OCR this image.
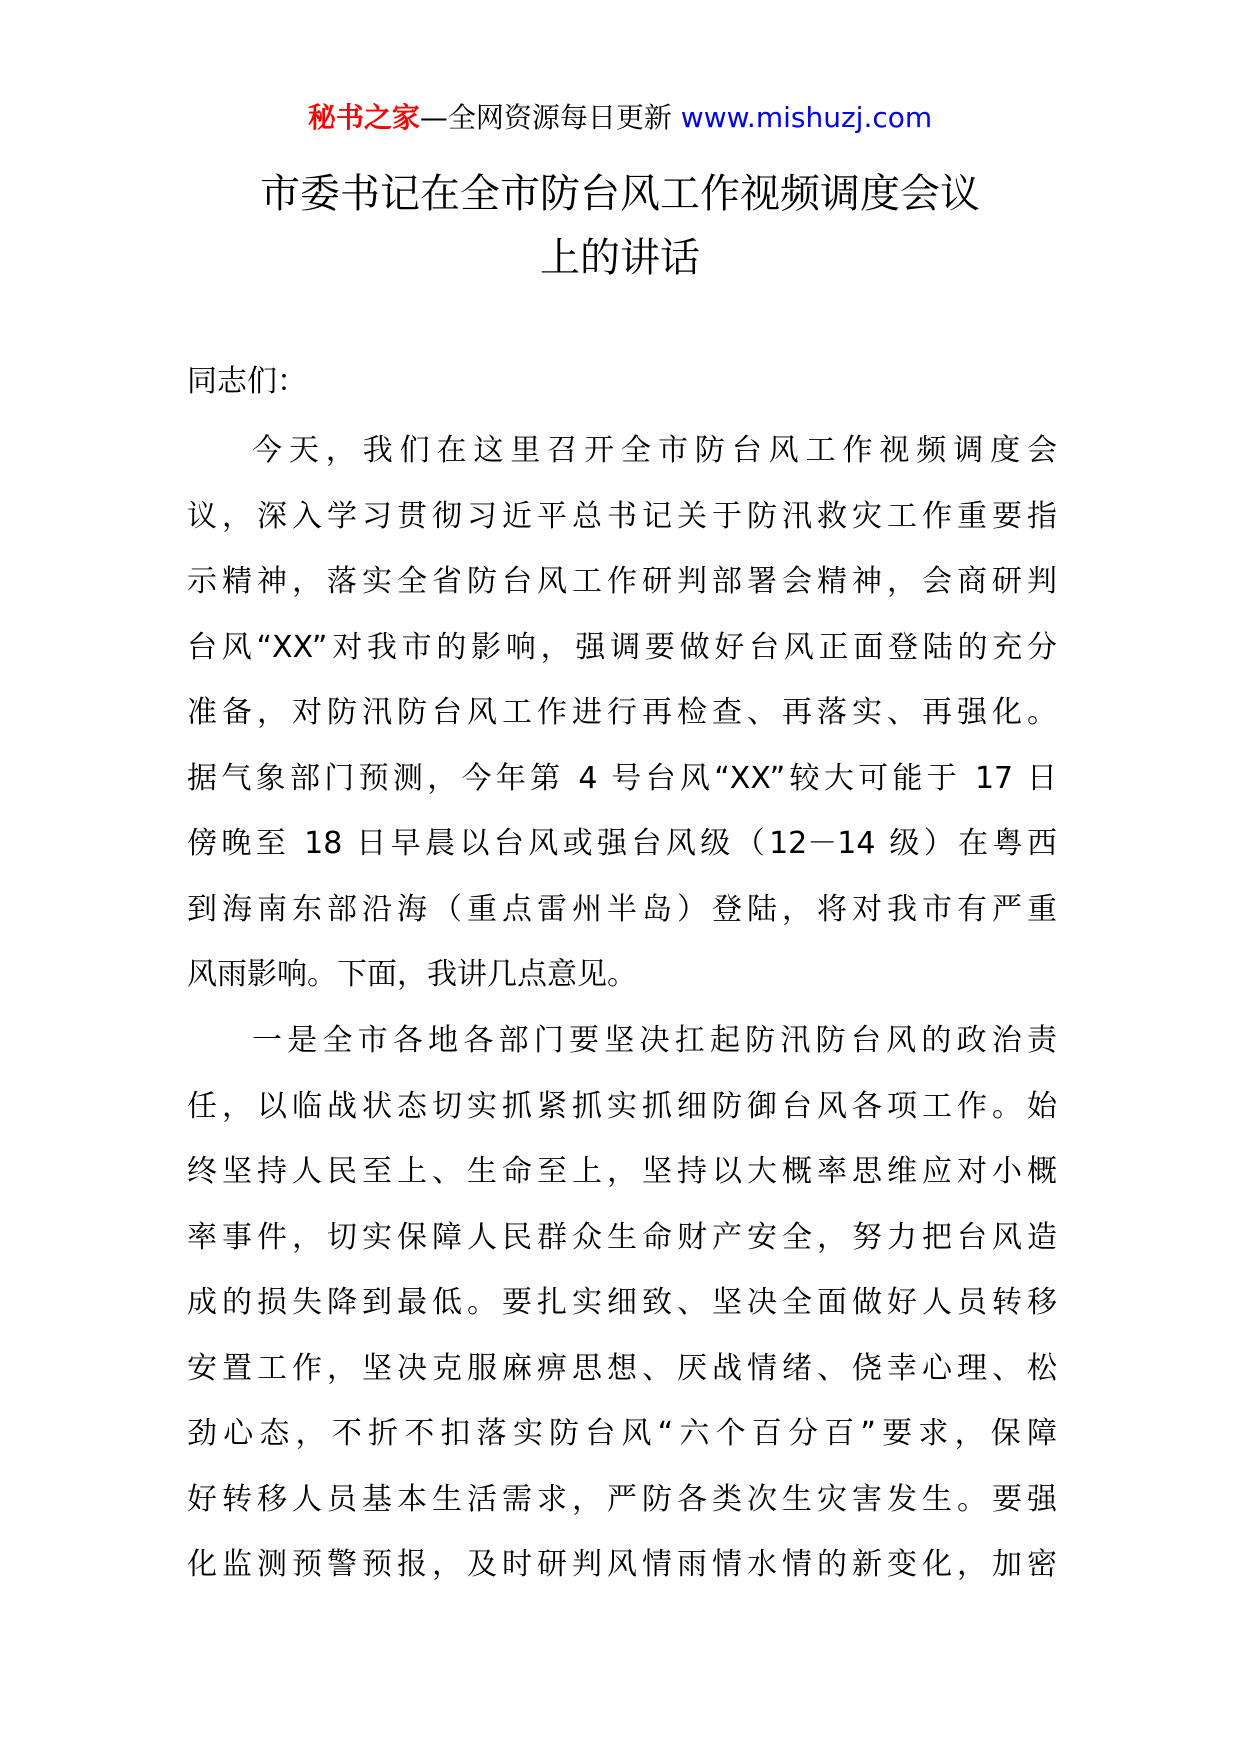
秘书之家—全网资源每日更新 www.mishuzj.com
市委书记在全市防台风工作视频调度会议
上的讲话
同志们：
今天，我们在这里召开全市防台风工作视频调度会
议，深入学习贯彻习近平总书记关于防汛救灾工作重要指
示精神，落实全省防台风工作研判部署会精神，会商研判
台风“XX”对我市的影响，强调要做好台风正面登陆的充分
准备，对防汛防台风工作进行再检查、再落实、再强化。
据气象部门预测，今年第 4 号台风“XX”较大可能于 17 日
傍晚至 18 日早晨以台风或强台风级（12－14 级）在粤西
到海南东部沿海（重点雷州半岛）登陆，将对我市有严重
风雨影响。下面，我讲几点意见。
一是全市各地各部门要坚决扛起防汛防台风的政治责
任，以临战状态切实抓紧抓实抓细防御台风各项工作。始
终坚持人民至上、生命至上，坚持以大概率思维应对小概
率事件，切实保障人民群众生命财产安全，努力把台风造
成的损失降到最低。要扎实细致、坚决全面做好人员转移
安置工作，坚决克服麻痹思想、厌战情绪、侥幸心理、松
劲心态，不折不扣落实防台风“六个百分百”要求，保障
好转移人员基本生活需求，严防各类次生灾害发生。要强
化监测预警预报，及时研判风情雨情水情的新变化，加密
